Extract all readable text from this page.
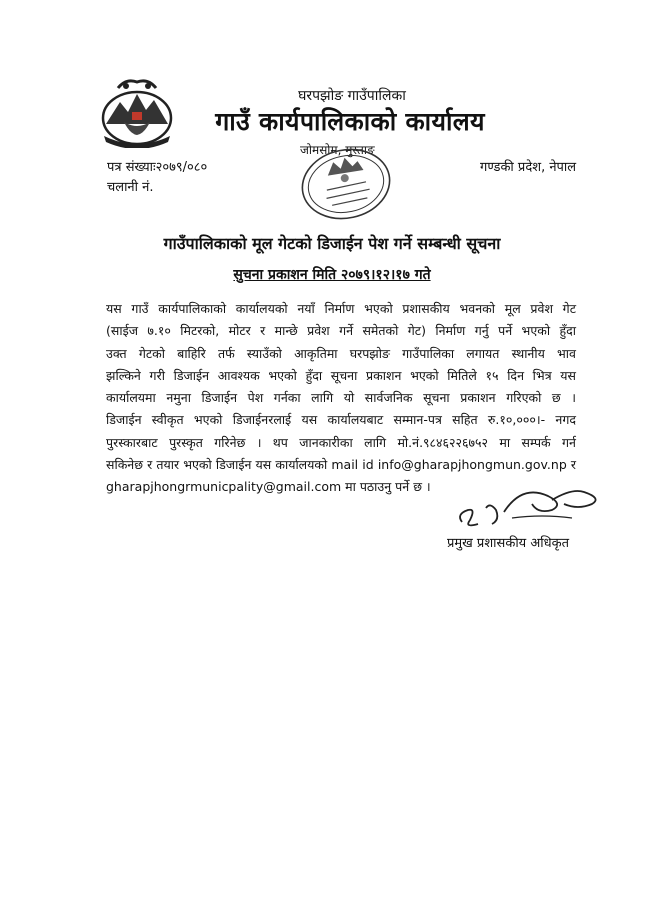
घरपझोङ गाउँपालिका
गाउँ कार्यपालिकाको कार्यालय
जोमसोम, मुस्ताङ
पत्र संख्याः२०७९/०८०
चलानी नं.
गण्डकी प्रदेश, नेपाल
गाउँपालिकाको मूल गेटको डिजाईन पेश गर्ने सम्बन्धी सूचना
सुचना प्रकाशन मिति २०७९।१२।१७ गते
यस गाउँ कार्यपालिकाको कार्यालयको नयाँ निर्माण भएको प्रशासकीय भवनको मूल प्रवेश गेट
(साईज ७.१० मिटरको, मोटर र मान्छे प्रवेश गर्ने समेतको गेट) निर्माण गर्नु पर्ने भएको हुँदा
उक्त गेटको बाहिरि तर्फ स्याउँको आकृतिमा घरपझोङ गाउँपालिका लगायत स्थानीय भाव
झल्किने गरी डिजाईन आवश्यक भएको हुँदा सूचना प्रकाशन भएको मितिले १५ दिन भित्र यस
कार्यालयमा नमुना डिजाईन पेश गर्नका लागि यो सार्वजनिक सूचना प्रकाशन गरिएको छ ।
डिजाईन स्वीकृत भएको डिजाईनरलाई यस कार्यालयबाट सम्मान-पत्र सहित रु.१०,०००।- नगद
पुरस्कारबाट पुरस्कृत गरिनेछ । थप जानकारीका लागि मो.नं.९८४६२२६७५२ मा सम्पर्क गर्न
सकिनेछ र तयार भएको डिजाईन यस कार्यालयको mail id info@gharapjhongmun.gov.np र
gharapjhongrmunicpality@gmail.com मा पठाउनु पर्ने छ ।
प्रमुख प्रशासकीय अधिकृत
